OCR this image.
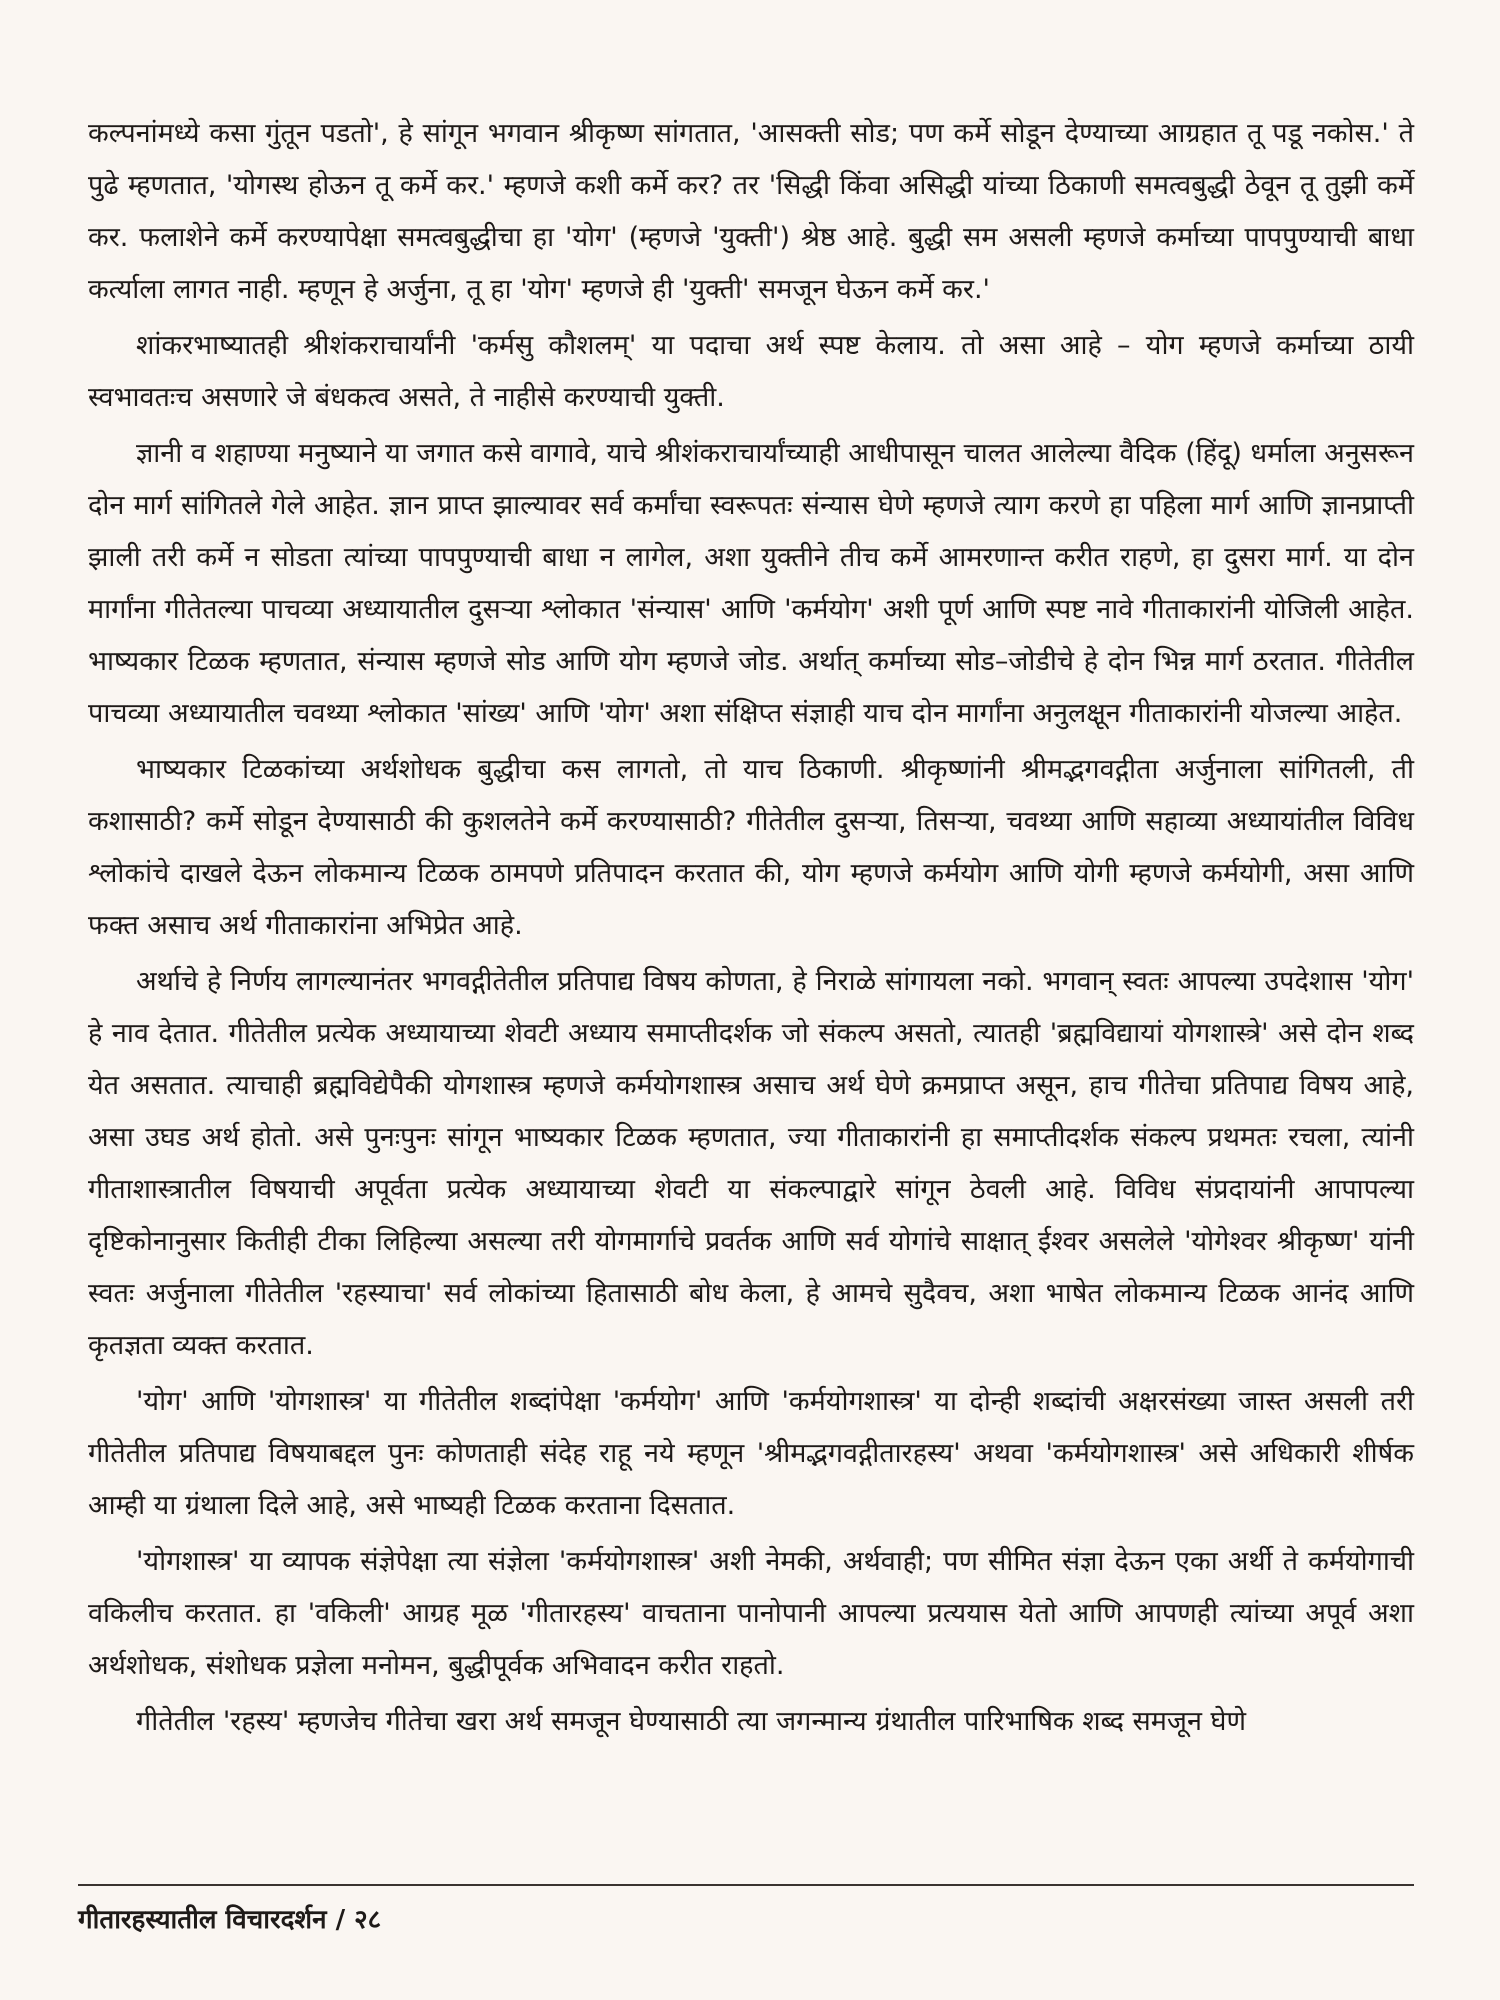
कल्पनांमध्ये कसा गुंतून पडतो', हे सांगून भगवान श्रीकृष्ण सांगतात, 'आसक्ती सोड; पण कर्मे सोडून देण्याच्या आग्रहात तू पडू नकोस.' ते पुढे म्हणतात, 'योगस्थ होऊन तू कर्मे कर.' म्हणजे कशी कर्मे कर? तर 'सिद्धी किंवा असिद्धी यांच्या ठिकाणी समत्वबुद्धी ठेवून तू तुझी कर्मे कर. फलाशेने कर्मे करण्यापेक्षा समत्वबुद्धीचा हा 'योग' (म्हणजे 'युक्ती') श्रेष्ठ आहे. बुद्धी सम असली म्हणजे कर्माच्या पापपुण्याची बाधा कर्त्याला लागत नाही. म्हणून हे अर्जुना, तू हा 'योग' म्हणजे ही 'युक्ती' समजून घेऊन कर्मे कर.'

शांकरभाष्यातही श्रीशंकराचार्यांनी 'कर्मसु कौशलम्' या पदाचा अर्थ स्पष्ट केलाय. तो असा आहे – योग म्हणजे कर्माच्या ठायी स्वभावतःच असणारे जे बंधकत्व असते, ते नाहीसे करण्याची युक्ती.

ज्ञानी व शहाण्या मनुष्याने या जगात कसे वागावे, याचे श्रीशंकराचार्यांच्याही आधीपासून चालत आलेल्या वैदिक (हिंदू) धर्माला अनुसरून दोन मार्ग सांगितले गेले आहेत. ज्ञान प्राप्त झाल्यावर सर्व कर्मांचा स्वरूपतः संन्यास घेणे म्हणजे त्याग करणे हा पहिला मार्ग आणि ज्ञानप्राप्ती झाली तरी कर्मे न सोडता त्यांच्या पापपुण्याची बाधा न लागेल, अशा युक्तीने तीच कर्मे आमरणान्त करीत राहणे, हा दुसरा मार्ग. या दोन मार्गांना गीतेतल्या पाचव्या अध्यायातील दुसऱ्या श्लोकात 'संन्यास' आणि 'कर्मयोग' अशी पूर्ण आणि स्पष्ट नावे गीताकारांनी योजिली आहेत. भाष्यकार टिळक म्हणतात, संन्यास म्हणजे सोड आणि योग म्हणजे जोड. अर्थात् कर्माच्या सोड–जोडीचे हे दोन भिन्न मार्ग ठरतात. गीतेतील पाचव्या अध्यायातील चवथ्या श्लोकात 'सांख्य' आणि 'योग' अशा संक्षिप्त संज्ञाही याच दोन मार्गांना अनुलक्षून गीताकारांनी योजल्या आहेत.

भाष्यकार टिळकांच्या अर्थशोधक बुद्धीचा कस लागतो, तो याच ठिकाणी. श्रीकृष्णांनी श्रीमद्भगवद्गीता अर्जुनाला सांगितली, ती कशासाठी? कर्मे सोडून देण्यासाठी की कुशलतेने कर्मे करण्यासाठी? गीतेतील दुसऱ्या, तिसऱ्या, चवथ्या आणि सहाव्या अध्यायांतील विविध श्लोकांचे दाखले देऊन लोकमान्य टिळक ठामपणे प्रतिपादन करतात की, योग म्हणजे कर्मयोग आणि योगी म्हणजे कर्मयोगी, असा आणि फक्त असाच अर्थ गीताकारांना अभिप्रेत आहे.

अर्थाचे हे निर्णय लागल्यानंतर भगवद्गीतेतील प्रतिपाद्य विषय कोणता, हे निराळे सांगायला नको. भगवान् स्वतः आपल्या उपदेशास 'योग' हे नाव देतात. गीतेतील प्रत्येक अध्यायाच्या शेवटी अध्याय समाप्तीदर्शक जो संकल्प असतो, त्यातही 'ब्रह्मविद्यायां योगशास्त्रे' असे दोन शब्द येत असतात. त्याचाही ब्रह्मविद्येपैकी योगशास्त्र म्हणजे कर्मयोगशास्त्र असाच अर्थ घेणे क्रमप्राप्त असून, हाच गीतेचा प्रतिपाद्य विषय आहे, असा उघड अर्थ होतो. असे पुनःपुनः सांगून भाष्यकार टिळक म्हणतात, ज्या गीताकारांनी हा समाप्तीदर्शक संकल्प प्रथमतः रचला, त्यांनी गीताशास्त्रातील विषयाची अपूर्वता प्रत्येक अध्यायाच्या शेवटी या संकल्पाद्वारे सांगून ठेवली आहे. विविध संप्रदायांनी आपापल्या दृष्टिकोनानुसार कितीही टीका लिहिल्या असल्या तरी योगमार्गाचे प्रवर्तक आणि सर्व योगांचे साक्षात् ईश्वर असलेले 'योगेश्वर श्रीकृष्ण' यांनी स्वतः अर्जुनाला गीतेतील 'रहस्याचा' सर्व लोकांच्या हितासाठी बोध केला, हे आमचे सुदैवच, अशा भाषेत लोकमान्य टिळक आनंद आणि कृतज्ञता व्यक्त करतात.

'योग' आणि 'योगशास्त्र' या गीतेतील शब्दांपेक्षा 'कर्मयोग' आणि 'कर्मयोगशास्त्र' या दोन्ही शब्दांची अक्षरसंख्या जास्त असली तरी गीतेतील प्रतिपाद्य विषयाबद्दल पुनः कोणताही संदेह राहू नये म्हणून 'श्रीमद्भगवद्गीतारहस्य' अथवा 'कर्मयोगशास्त्र' असे अधिकारी शीर्षक आम्ही या ग्रंथाला दिले आहे, असे भाष्यही टिळक करताना दिसतात.

'योगशास्त्र' या व्यापक संज्ञेपेक्षा त्या संज्ञेला 'कर्मयोगशास्त्र' अशी नेमकी, अर्थवाही; पण सीमित संज्ञा देऊन एका अर्थी ते कर्मयोगाची वकिलीच करतात. हा 'वकिली' आग्रह मूळ 'गीतारहस्य' वाचताना पानोपानी आपल्या प्रत्ययास येतो आणि आपणही त्यांच्या अपूर्व अशा अर्थशोधक, संशोधक प्रज्ञेला मनोमन, बुद्धीपूर्वक अभिवादन करीत राहतो.

गीतेतील 'रहस्य' म्हणजेच गीतेचा खरा अर्थ समजून घेण्यासाठी त्या जगन्मान्य ग्रंथातील पारिभाषिक शब्द समजून घेणे

गीतारहस्यातील विचारदर्शन / २८
